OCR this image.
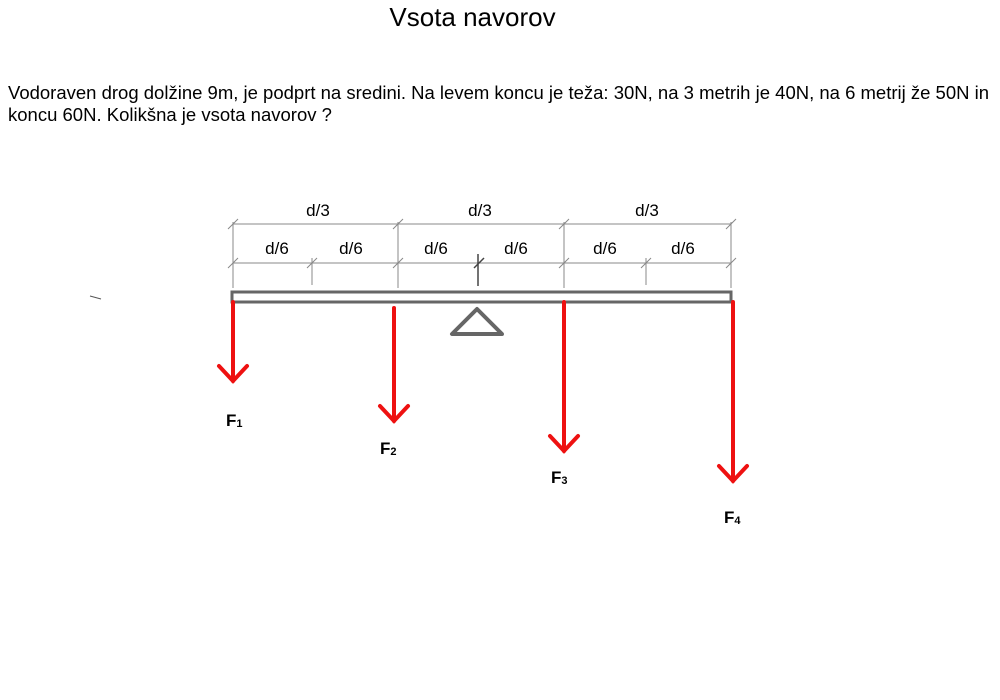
Vsota navorov
Vodoraven drog dolžine 9m, je podprt na sredini. Na levem koncu je teža: 30N, na 3 metrih je 40N, na 6 metrij že 50N in koncu 60N. Kolikšna je vsota navorov ?
d/3	d/3	d/3
d/6	d/6	d/6	d/6	d/6	d/6
F1
F2
F3
F4
